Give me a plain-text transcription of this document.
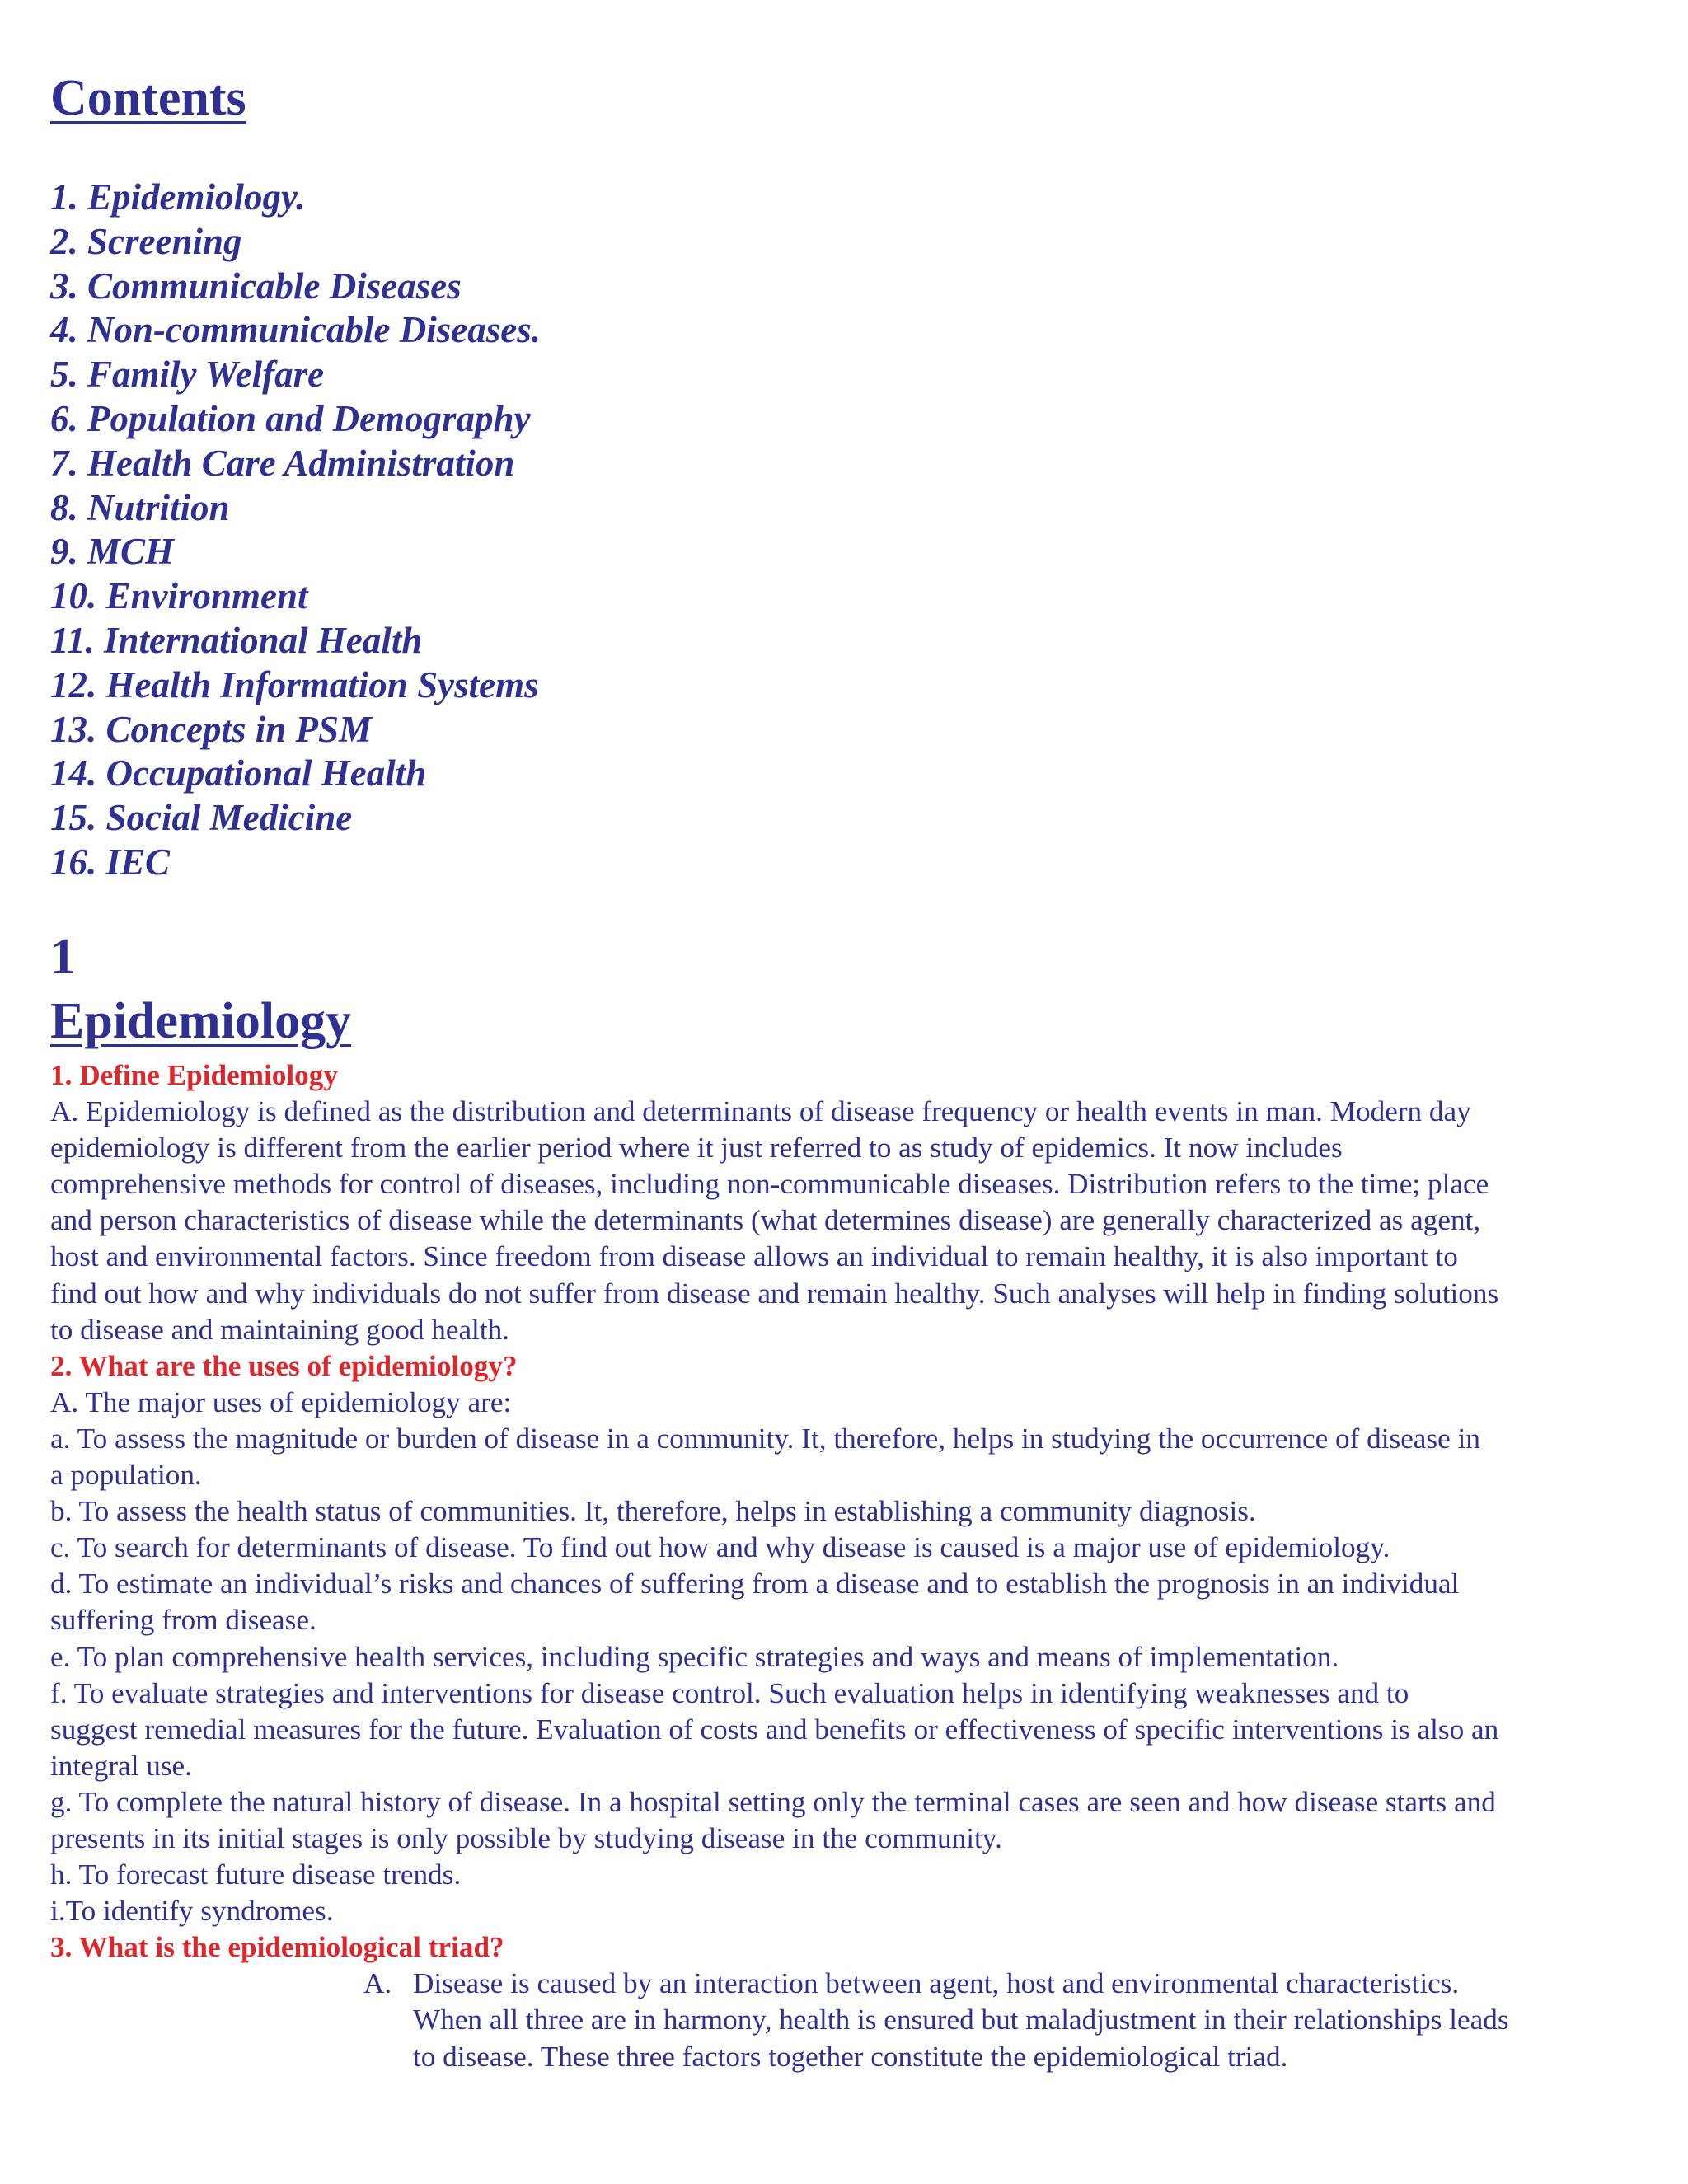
Contents
1. Epidemiology.
2. Screening
3. Communicable Diseases
4. Non-communicable Diseases.
5. Family Welfare
6. Population and Demography
7. Health Care Administration
8. Nutrition
9. MCH
10. Environment
11. International Health
12. Health Information Systems
13. Concepts in PSM
14. Occupational Health
15. Social Medicine
16. IEC
1
Epidemiology
1. Define Epidemiology
A. Epidemiology is defined as the distribution and determinants of disease frequency or health events in man. Modern day
epidemiology is different from the earlier period where it just referred to as study of epidemics. It now includes
comprehensive methods for control of diseases, including non-communicable diseases. Distribution refers to the time; place
and person characteristics of disease while the determinants (what determines disease) are generally characterized as agent,
host and environmental factors. Since freedom from disease allows an individual to remain healthy, it is also important to
find out how and why individuals do not suffer from disease and remain healthy. Such analyses will help in finding solutions
to disease and maintaining good health.
2. What are the uses of epidemiology?
A. The major uses of epidemiology are:
a. To assess the magnitude or burden of disease in a community. It, therefore, helps in studying the occurrence of disease in
a population.
b. To assess the health status of communities. It, therefore, helps in establishing a community diagnosis.
c. To search for determinants of disease. To find out how and why disease is caused is a major use of epidemiology.
d. To estimate an individual’s risks and chances of suffering from a disease and to establish the prognosis in an individual
suffering from disease.
e. To plan comprehensive health services, including specific strategies and ways and means of implementation.
f. To evaluate strategies and interventions for disease control. Such evaluation helps in identifying weaknesses and to
suggest remedial measures for the future. Evaluation of costs and benefits or effectiveness of specific interventions is also an
integral use.
g. To complete the natural history of disease. In a hospital setting only the terminal cases are seen and how disease starts and
presents in its initial stages is only possible by studying disease in the community.
h. To forecast future disease trends.
i.To identify syndromes.
3. What is the epidemiological triad?
A. Disease is caused by an interaction between agent, host and environmental characteristics.
When all three are in harmony, health is ensured but maladjustment in their relationships leads
to disease. These three factors together constitute the epidemiological triad.
